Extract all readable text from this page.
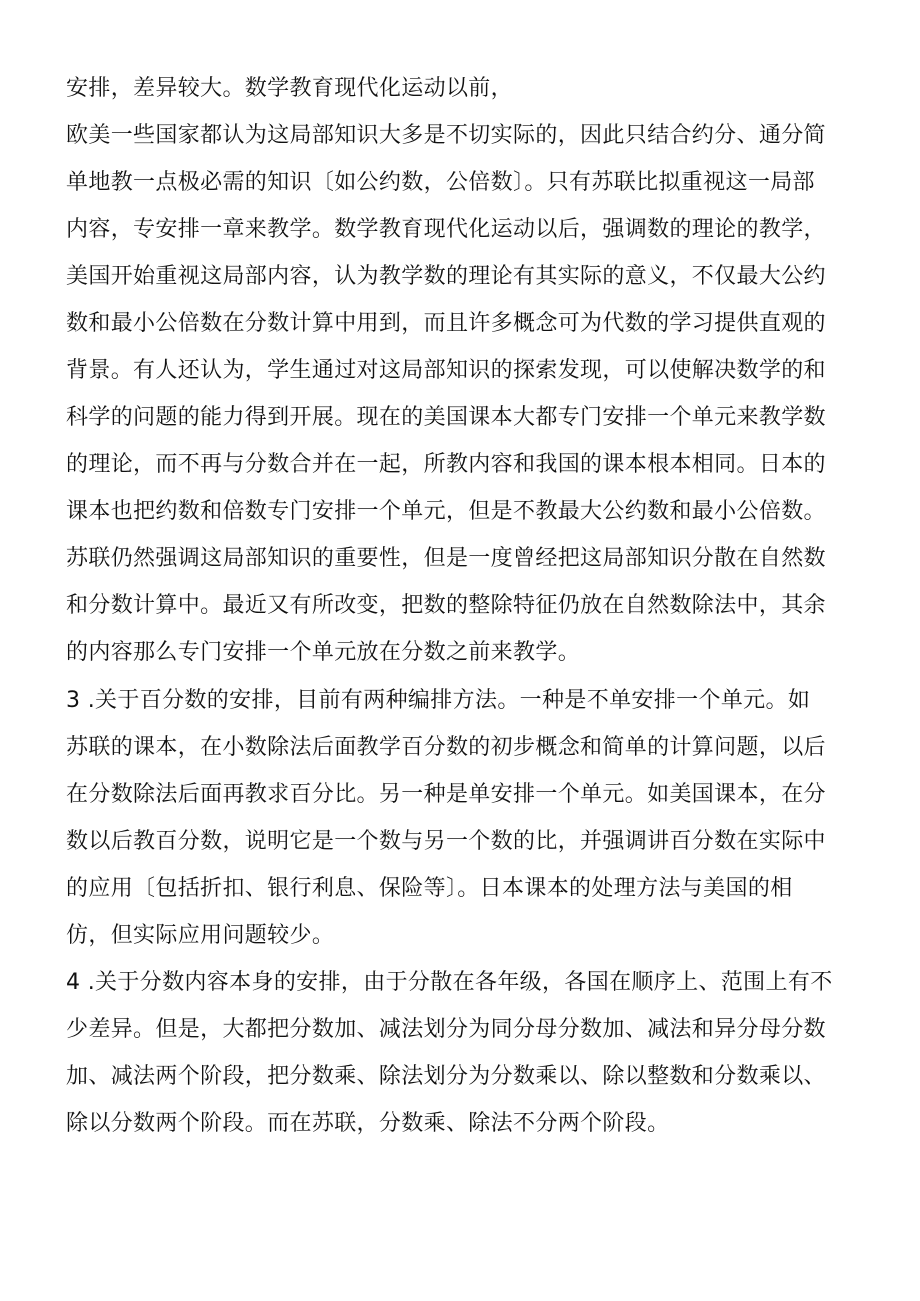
安排，差异较大。数学教育现代化运动以前，
欧美一些国家都认为这局部知识大多是不切实际的，因此只结合约分、通分简
单地教一点极必需的知识〔如公约数，公倍数〕。只有苏联比拟重视这一局部
内容，专安排一章来教学。数学教育现代化运动以后，强调数的理论的教学，
美国开始重视这局部内容，认为教学数的理论有其实际的意义，不仅最大公约
数和最小公倍数在分数计算中用到，而且许多概念可为代数的学习提供直观的
背景。有人还认为，学生通过对这局部知识的探索发现，可以使解决数学的和
科学的问题的能力得到开展。现在的美国课本大都专门安排一个单元来教学数
的理论，而不再与分数合并在一起，所教内容和我国的课本根本相同。日本的
课本也把约数和倍数专门安排一个单元，但是不教最大公约数和最小公倍数。
苏联仍然强调这局部知识的重要性，但是一度曾经把这局部知识分散在自然数
和分数计算中。最近又有所改变，把数的整除特征仍放在自然数除法中，其余
的内容那么专门安排一个单元放在分数之前来教学。
3 .关于百分数的安排，目前有两种编排方法。一种是不单安排一个单元。如
苏联的课本，在小数除法后面教学百分数的初步概念和简单的计算问题，以后
在分数除法后面再教求百分比。另一种是单安排一个单元。如美国课本，在分
数以后教百分数，说明它是一个数与另一个数的比，并强调讲百分数在实际中
的应用〔包括折扣、银行利息、保险等〕。日本课本的处理方法与美国的相
仿，但实际应用问题较少。
4 .关于分数内容本身的安排，由于分散在各年级，各国在顺序上、范围上有不
少差异。但是，大都把分数加、减法划分为同分母分数加、减法和异分母分数
加、减法两个阶段，把分数乘、除法划分为分数乘以、除以整数和分数乘以、
除以分数两个阶段。而在苏联，分数乘、除法不分两个阶段。
